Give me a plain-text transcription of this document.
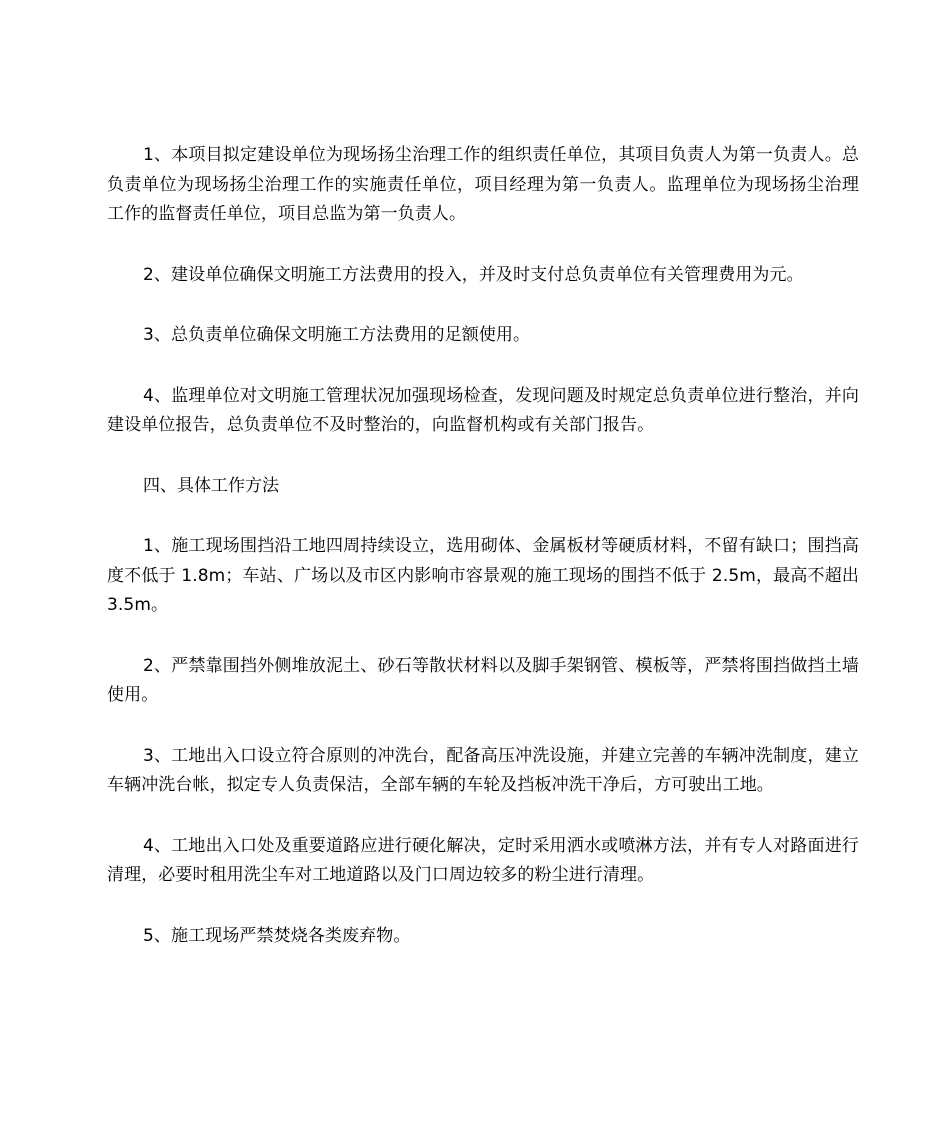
1、本项目拟定建设单位为现场扬尘治理工作的组织责任单位，其项目负责人为第一负责人。总负责单位为现场扬尘治理工作的实施责任单位，项目经理为第一负责人。监理单位为现场扬尘治理工作的监督责任单位，项目总监为第一负责人。

2、建设单位确保文明施工方法费用的投入，并及时支付总负责单位有关管理费用为元。

3、总负责单位确保文明施工方法费用的足额使用。

4、监理单位对文明施工管理状况加强现场检查，发现问题及时规定总负责单位进行整治，并向建设单位报告，总负责单位不及时整治的，向监督机构或有关部门报告。

四、具体工作方法

1、施工现场围挡沿工地四周持续设立，选用砌体、金属板材等硬质材料，不留有缺口；围挡高度不低于 1.8m；车站、广场以及市区内影响市容景观的施工现场的围挡不低于 2.5m，最高不超出 3.5m。

2、严禁靠围挡外侧堆放泥土、砂石等散状材料以及脚手架钢管、模板等，严禁将围挡做挡土墙使用。

3、工地出入口设立符合原则的冲洗台，配备高压冲洗设施，并建立完善的车辆冲洗制度，建立车辆冲洗台帐，拟定专人负责保洁，全部车辆的车轮及挡板冲洗干净后，方可驶出工地。

4、工地出入口处及重要道路应进行硬化解决，定时采用洒水或喷淋方法，并有专人对路面进行清理，必要时租用洗尘车对工地道路以及门口周边较多的粉尘进行清理。

5、施工现场严禁焚烧各类废弃物。
